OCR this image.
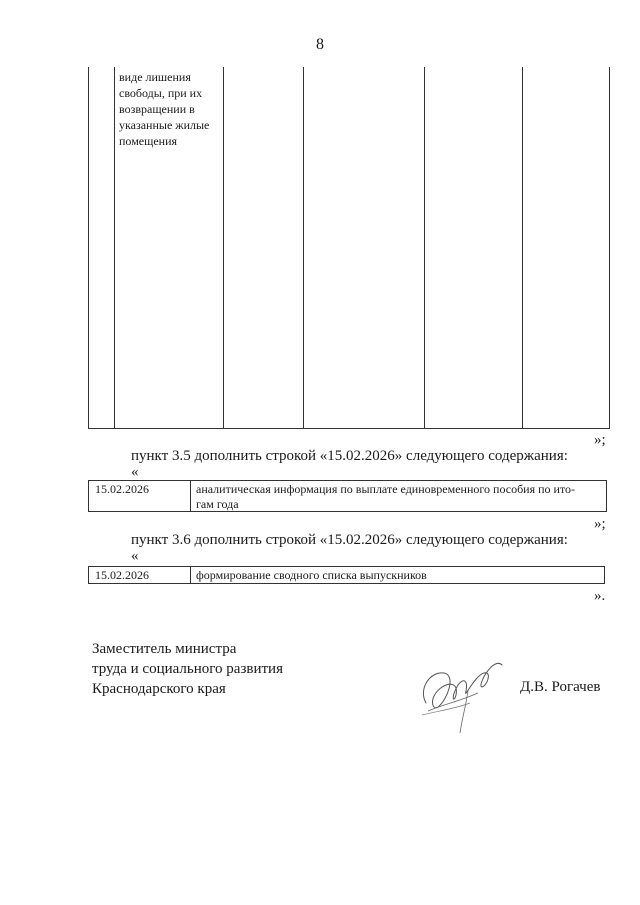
8
виде лишения
свободы, при их
возвращении в
указанные жилые
помещения
»;
пункт 3.5 дополнить строкой «15.02.2026» следующего содержания:
«
15.02.2026	аналитическая информация по выплате единовременного пособия по ито-
гам года
»;
пункт 3.6 дополнить строкой «15.02.2026» следующего содержания:
«
15.02.2026	формирование сводного списка выпускников
».
Заместитель министра
труда и социального развития
Краснодарского края	Д.В. Рогачев
